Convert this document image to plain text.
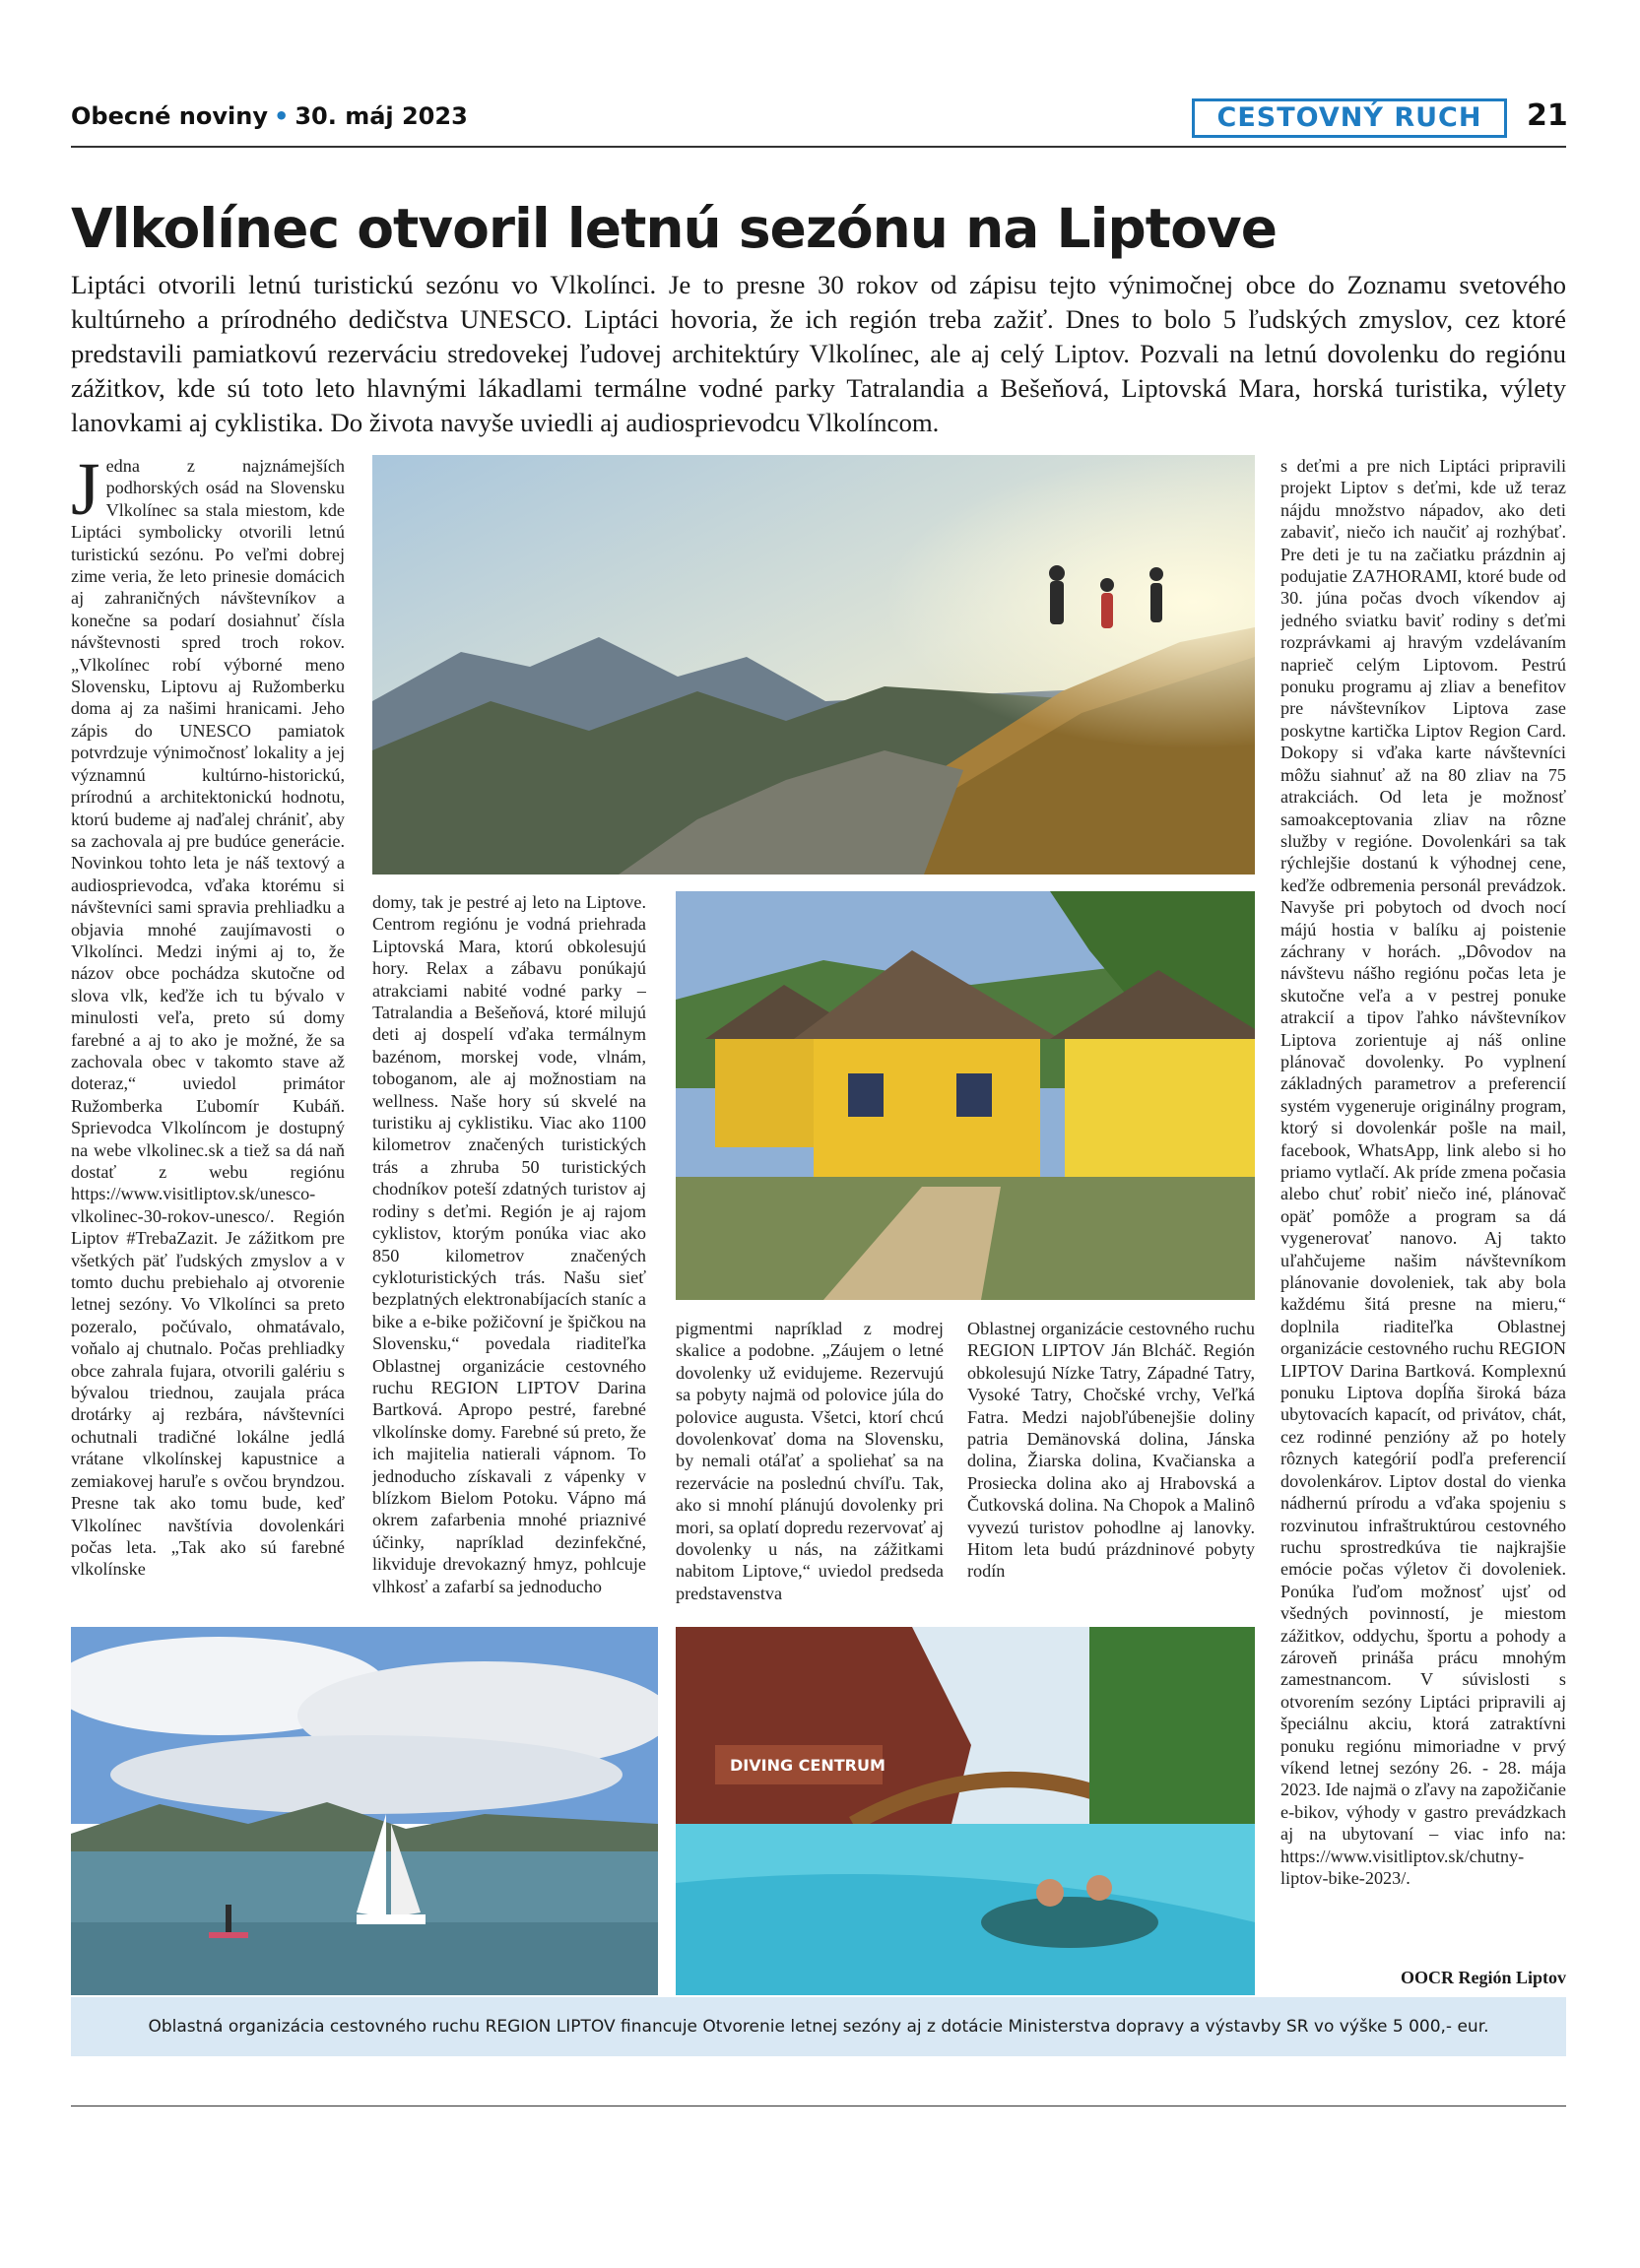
Obecné noviny • 30. máj 2023	CESTOVNÝ RUCH	21
Vlkolínec otvoril letnú sezónu na Liptove
Liptáci otvorili letnú turistickú sezónu vo Vlkolínci. Je to presne 30 rokov od zápisu tejto výnimočnej obce do Zoznamu svetového kultúrneho a prírodného dedičstva UNESCO. Liptáci hovoria, že ich región treba zažiť. Dnes to bolo 5 ľudských zmyslov, cez ktoré predstavili pamiatkovú rezerváciu stredovekej ľudovej architektúry Vlkolínec, ale aj celý Liptov. Pozvali na letnú dovolenku do regiónu zážitkov, kde sú toto leto hlavnými lákadlami termálne vodné parky Tatralandia a Bešeňová, Liptovská Mara, horská turistika, výlety lanovkami aj cyklistika. Do života navyše uviedli aj audiosprievodcu Vlkolíncom.
Jedna z najznámejších podhorských osád na Slovensku Vlkolínec sa stala miestom, kde Liptáci symbolicky otvorili letnú turistickú sezónu. Po veľmi dobrej zime veria, že leto prinesie domácich aj zahraničných návštevníkov a konečne sa podarí dosiahnuť čísla návštevnosti spred troch rokov. „Vlkolínec robí výborné meno Slovensku, Liptovu aj Ružomberku doma aj za našimi hranicami. Jeho zápis do UNESCO pamiatok potvrdzuje výnimočnosť lokality a jej významnú kultúrno-historickú, prírodnú a architektonickú hodnotu, ktorú budeme aj naďalej chrániť, aby sa zachovala aj pre budúce generácie. Novinkou tohto leta je náš textový a audiosprievodca, vďaka ktorému si návštevníci sami spravia prehliadku a objavia mnohé zaujímavosti o Vlkolínci. Medzi inými aj to, že názov obce pochádza skutočne od slova vlk, keďže ich tu bývalo v minulosti veľa, preto sú domy farebné a aj to ako je možné, že sa zachovala obec v takomto stave až doteraz,“ uviedol primátor Ružomberka Ľubomír Kubáň. Sprievodca Vlkolíncom je dostupný na webe vlkolinec.sk a tiež sa dá naň dostať z webu regiónu https://www.visitliptov.sk/unesco-vlkolinec-30-rokov-unesco/. Región Liptov #TrebaZazit. Je zážitkom pre všetkých päť ľudských zmyslov a v tomto duchu prebiehalo aj otvorenie letnej sezóny. Vo Vlkolínci sa preto pozeralo, počúvalo, ohmatávalo, voňalo aj chutnalo. Počas prehliadky obce zahrala fujara, otvorili galériu s bývalou triednou, zaujala práca drotárky aj rezbára, návštevníci ochutnali tradičné lokálne jedlá vrátane vlkolínskej kapustnice a zemiakovej haruľe s ovčou bryndzou. Presne tak ako tomu bude, keď Vlkolínec navštívia dovolenkári počas leta. „Tak ako sú farebné vlkolínske
domy, tak je pestré aj leto na Liptove. Centrom regiónu je vodná priehrada Liptovská Mara, ktorú obkolesujú hory. Relax a zábavu ponúkajú atrakciami nabité vodné parky – Tatralandia a Bešeňová, ktoré milujú deti aj dospelí vďaka termálnym bazénom, morskej vode, vlnám, toboganom, ale aj možnostiam na wellness. Naše hory sú skvelé na turistiku aj cyklistiku. Viac ako 1100 kilometrov značených turistických trás a zhruba 50 turistických chodníkov poteší zdatných turistov aj rodiny s deťmi. Región je aj rajom cyklistov, ktorým ponúka viac ako 850 kilometrov značených cykloturistických trás. Našu sieť bezplatných elektronabíjacích staníc a bike a e-bike požičovní je špičkou na Slovensku,“ povedala riaditeľka Oblastnej organizácie cestovného ruchu REGION LIPTOV Darina Bartková. Apropo pestré, farebné vlkolínske domy. Farebné sú preto, že ich majitelia natierali vápnom. To jednoducho získavali z vápenky v blízkom Bielom Potoku. Vápno má okrem zafarbenia mnohé priaznivé účinky, napríklad dezinfekčné, likviduje drevokazný hmyz, pohlcuje vlhkosť a zafarbí sa jednoducho
pigmentmi napríklad z modrej skalice a podobne. „Záujem o letné dovolenky už evidujeme. Rezervujú sa pobyty najmä od polovice júla do polovice augusta. Všetci, ktorí chcú dovolenkovať doma na Slovensku, by nemali otáľať a spoliehať sa na rezervácie na poslednú chvíľu. Tak, ako si mnohí plánujú dovolenky pri mori, sa oplatí dopredu rezervovať aj dovolenky u nás, na zážitkami nabitom Liptove,“ uviedol predseda predstavenstva
Oblastnej organizácie cestovného ruchu REGION LIPTOV Ján Blcháč. Región obkolesujú Nízke Tatry, Západné Tatry, Vysoké Tatry, Chočské vrchy, Veľká Fatra. Medzi najobľúbenejšie doliny patria Demänovská dolina, Jánska dolina, Žiarska dolina, Kvačianska a Prosiecka dolina ako aj Hrabovská a Čutkovská dolina. Na Chopok a Malinô vyvezú turistov pohodlne aj lanovky. Hitom leta budú prázdninové pobyty rodín
s deťmi a pre nich Liptáci pripravili projekt Liptov s deťmi, kde už teraz nájdu množstvo nápadov, ako deti zabaviť, niečo ich naučiť aj rozhýbať. Pre deti je tu na začiatku prázdnin aj podujatie ZA7HORAMI, ktoré bude od 30. júna počas dvoch víkendov aj jedného sviatku baviť rodiny s deťmi rozprávkami aj hravým vzdelávaním naprieč celým Liptovom. Pestrú ponuku programu aj zliav a benefitov pre návštevníkov Liptova zase poskytne kartička Liptov Region Card. Dokopy si vďaka karte návštevníci môžu siahnuť až na 80 zliav na 75 atrakciách. Od leta je možnosť samoakceptovania zliav na rôzne služby v regióne. Dovolenkári sa tak rýchlejšie dostanú k výhodnej cene, keďže odbremenia personál prevádzok. Navyše pri pobytoch od dvoch nocí májú hostia v balíku aj poistenie záchrany v horách. „Dôvodov na návštevu nášho regiónu počas leta je skutočne veľa a v pestrej ponuke atrakcií a tipov ľahko návštevníkov Liptova zorientuje aj náš online plánovač dovolenky. Po vyplnení základných parametrov a preferencií systém vygeneruje originálny program, ktorý si dovolenkár pošle na mail, facebook, WhatsApp, link alebo si ho priamo vytlačí. Ak príde zmena počasia alebo chuť robiť niečo iné, plánovač opäť pomôže a program sa dá vygenerovať nanovo. Aj takto uľahčujeme našim návštevníkom plánovanie dovoleniek, tak aby bola každému šitá presne na mieru,“ doplnila riaditeľka Oblastnej organizácie cestovného ruchu REGION LIPTOV Darina Bartková. Komplexnú ponuku Liptova dopĺňa široká báza ubytovacích kapacít, od privátov, chát, cez rodinné penzióny až po hotely rôznych kategórií podľa preferencií dovolenkárov. Liptov dostal do vienka nádhernú prírodu a vďaka spojeniu s rozvinutou infraštruktúrou cestovného ruchu sprostredkúva tie najkrajšie emócie počas výletov či dovoleniek. Ponúka ľuďom možnosť ujsť od všedných povinností, je miestom zážitkov, oddychu, športu a pohody a zároveň prináša prácu mnohým zamestnancom. V súvislosti s otvorením sezóny Liptáci pripravili aj špeciálnu akciu, ktorá zatraktívni ponuku regiónu mimoriadne v prvý víkend letnej sezóny 26. - 28. mája 2023. Ide najmä o zľavy na zapožičanie e-bikov, výhody v gastro prevádzkach aj na ubytovaní – viac info na: https://www.visitliptov.sk/chutny-liptov-bike-2023/.
DIVING CENTRUM
OOCR Región Liptov
Oblastná organizácia cestovného ruchu REGION LIPTOV financuje Otvorenie letnej sezóny aj z dotácie Ministerstva dopravy a výstavby SR vo výške 5 000,- eur.
